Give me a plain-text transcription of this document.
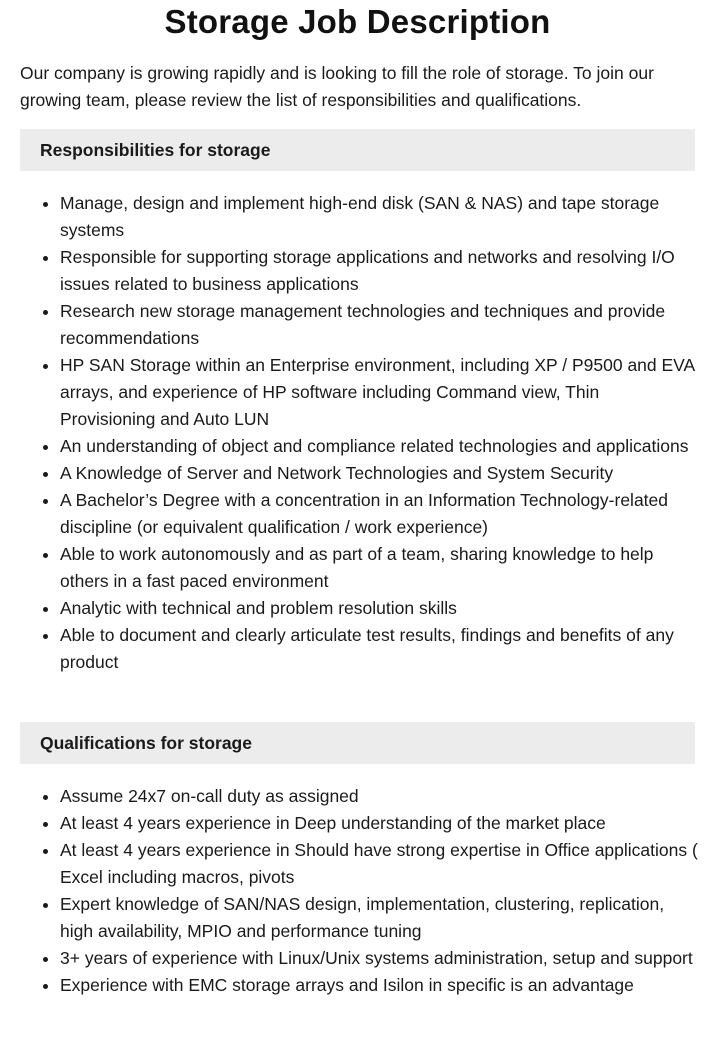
Storage Job Description

Our company is growing rapidly and is looking to fill the role of storage. To join our growing team, please review the list of responsibilities and qualifications.

Responsibilities for storage
• Manage, design and implement high-end disk (SAN & NAS) and tape storage systems
• Responsible for supporting storage applications and networks and resolving I/O issues related to business applications
• Research new storage management technologies and techniques and provide recommendations
• HP SAN Storage within an Enterprise environment, including XP / P9500 and EVA arrays, and experience of HP software including Command view, Thin Provisioning and Auto LUN
• An understanding of object and compliance related technologies and applications
• A Knowledge of Server and Network Technologies and System Security
• A Bachelor’s Degree with a concentration in an Information Technology-related discipline (or equivalent qualification / work experience)
• Able to work autonomously and as part of a team, sharing knowledge to help others in a fast paced environment
• Analytic with technical and problem resolution skills
• Able to document and clearly articulate test results, findings and benefits of any product
Qualifications for storage
• Assume 24x7 on-call duty as assigned
• At least 4 years experience in Deep understanding of the market place
• At least 4 years experience in Should have strong expertise in Office applications ( Excel including macros, pivots
• Expert knowledge of SAN/NAS design, implementation, clustering, replication, high availability, MPIO and performance tuning
• 3+ years of experience with Linux/Unix systems administration, setup and support
• Experience with EMC storage arrays and Isilon in specific is an advantage
